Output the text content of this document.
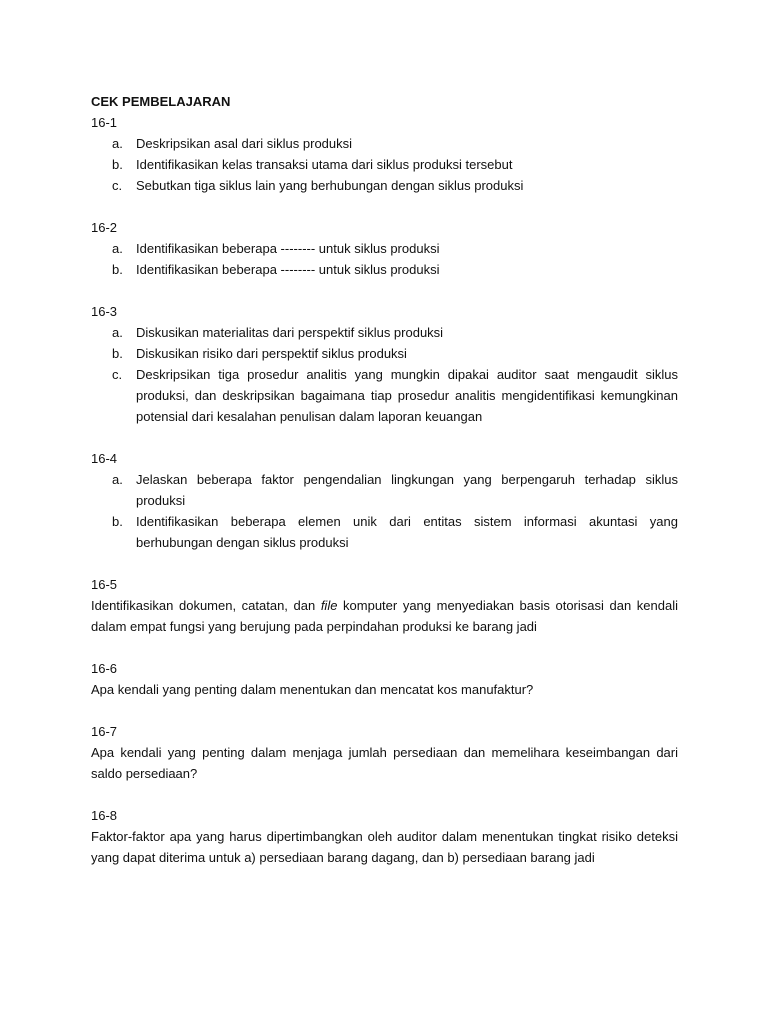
CEK PEMBELAJARAN

16-1

a. Deskripsikan asal dari siklus produksi
b. Identifikasikan kelas transaksi utama dari siklus produksi tersebut
c. Sebutkan tiga siklus lain yang berhubungan dengan siklus produksi

16-2

a. Identifikasikan beberapa -------- untuk siklus produksi
b. Identifikasikan beberapa -------- untuk siklus produksi

16-3

a. Diskusikan materialitas dari perspektif siklus produksi
b. Diskusikan risiko dari perspektif siklus produksi
c. Deskripsikan tiga prosedur analitis yang mungkin dipakai auditor saat mengaudit siklus produksi, dan deskripsikan bagaimana tiap prosedur analitis mengidentifikasi kemungkinan potensial dari kesalahan penulisan dalam laporan keuangan

16-4

a. Jelaskan beberapa faktor pengendalian lingkungan yang berpengaruh terhadap siklus produksi
b. Identifikasikan beberapa elemen unik dari entitas sistem informasi akuntasi yang berhubungan dengan siklus produksi

16-5

Identifikasikan dokumen, catatan, dan file komputer yang menyediakan basis otorisasi dan kendali dalam empat fungsi yang berujung pada perpindahan produksi ke barang jadi

16-6

Apa kendali yang penting dalam menentukan dan mencatat kos manufaktur?

16-7

Apa kendali yang penting dalam menjaga jumlah persediaan dan memelihara keseimbangan dari saldo persediaan?

16-8

Faktor-faktor apa yang harus dipertimbangkan oleh auditor dalam menentukan tingkat risiko deteksi yang dapat diterima untuk a) persediaan barang dagang, dan b) persediaan barang jadi
